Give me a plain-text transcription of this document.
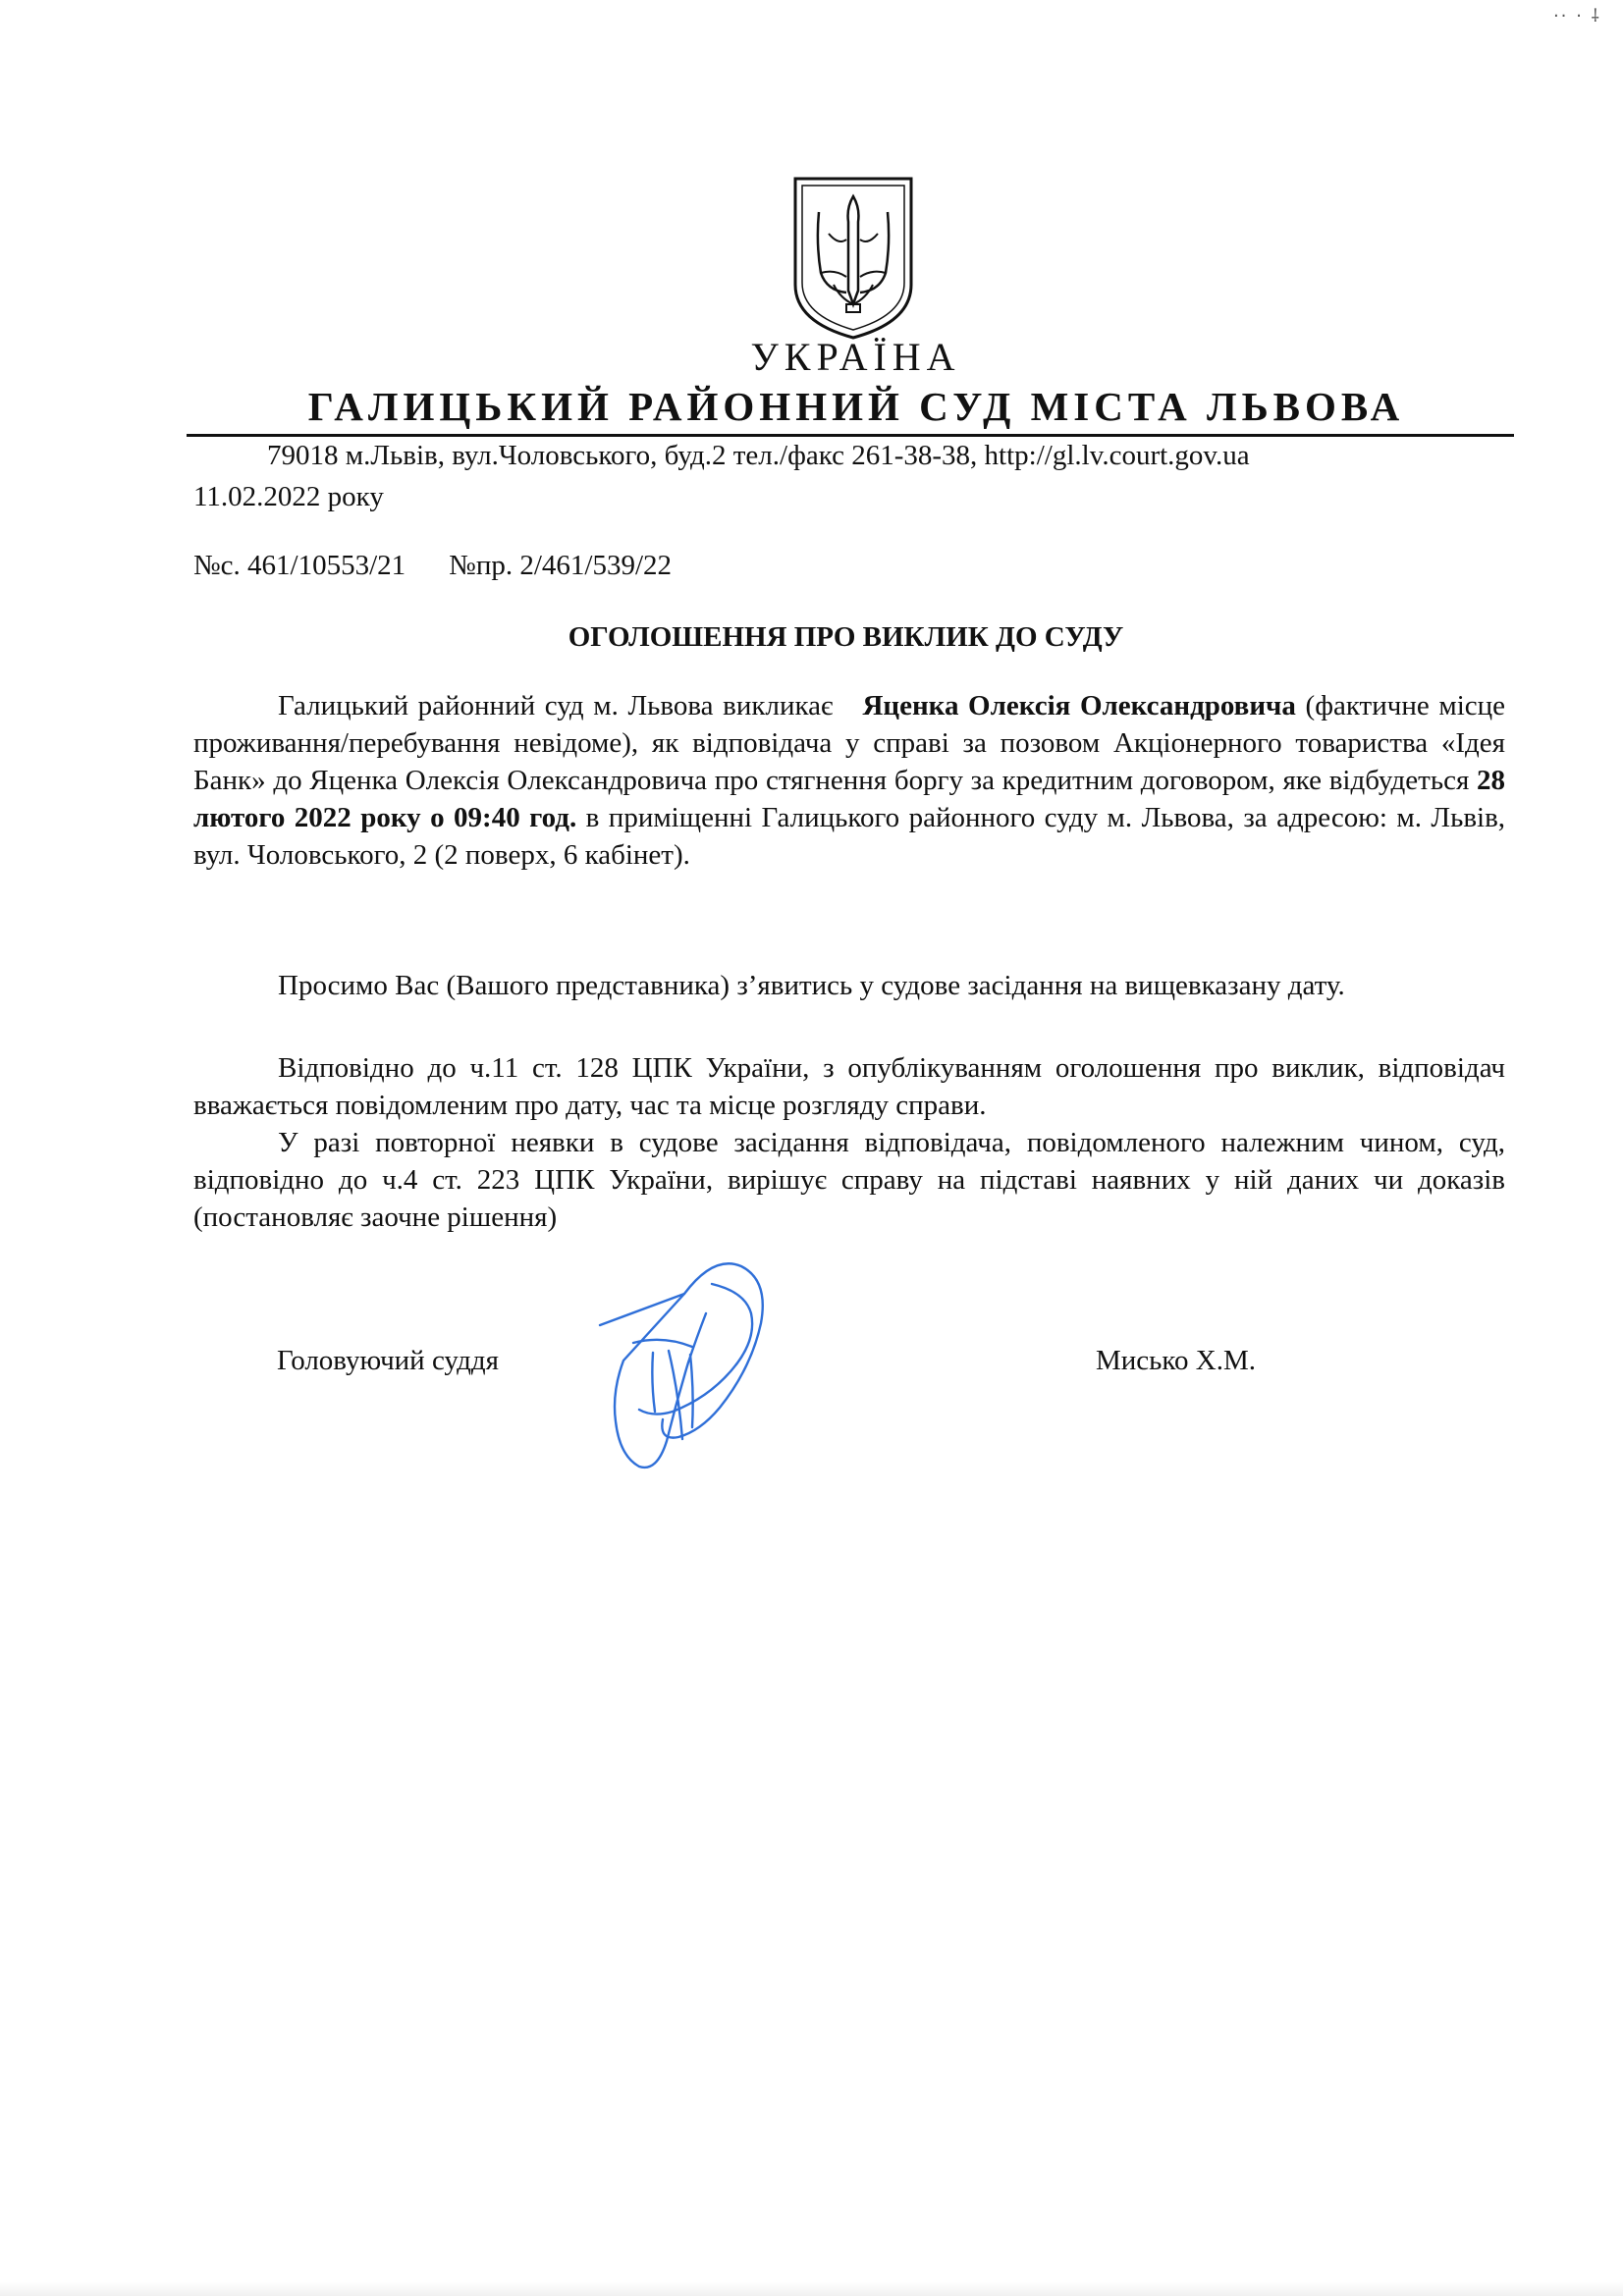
⋅⋅ ⋅ ⸸
УКРАЇНА
ГАЛИЦЬКИЙ РАЙОННИЙ СУД МІСТА ЛЬВОВА
79018 м.Львів, вул.Чоловського, буд.2 тел./факс 261-38-38, http://gl.lv.court.gov.ua
11.02.2022 року
№с. 461/10553/21 №пр. 2/461/539/22
ОГОЛОШЕННЯ ПРО ВИКЛИК ДО СУДУ
Галицький районний суд м. Львова викликає Яценка Олексія Олександровича (фактичне місце проживання/перебування невідоме), як відповідача у справі за позовом Акціонерного товариства «Ідея Банк» до Яценка Олексія Олександровича про стягнення боргу за кредитним договором, яке відбудеться 28 лютого 2022 року о 09:40 год. в приміщенні Галицького районного суду м. Львова, за адресою: м. Львів, вул. Чоловського, 2 (2 поверх, 6 кабінет).
Просимо Вас (Вашого представника) з’явитись у судове засідання на вищевказану дату.
Відповідно до ч.11 ст. 128 ЦПК України, з опублікуванням оголошення про виклик, відповідач вважається повідомленим про дату, час та місце розгляду справи.
У разі повторної неявки в судове засідання відповідача, повідомленого належним чином, суд, відповідно до ч.4 ст. 223 ЦПК України, вирішує справу на підставі наявних у ній даних чи доказів (постановляє заочне рішення)
Головуючий суддя	Мисько Х.М.
